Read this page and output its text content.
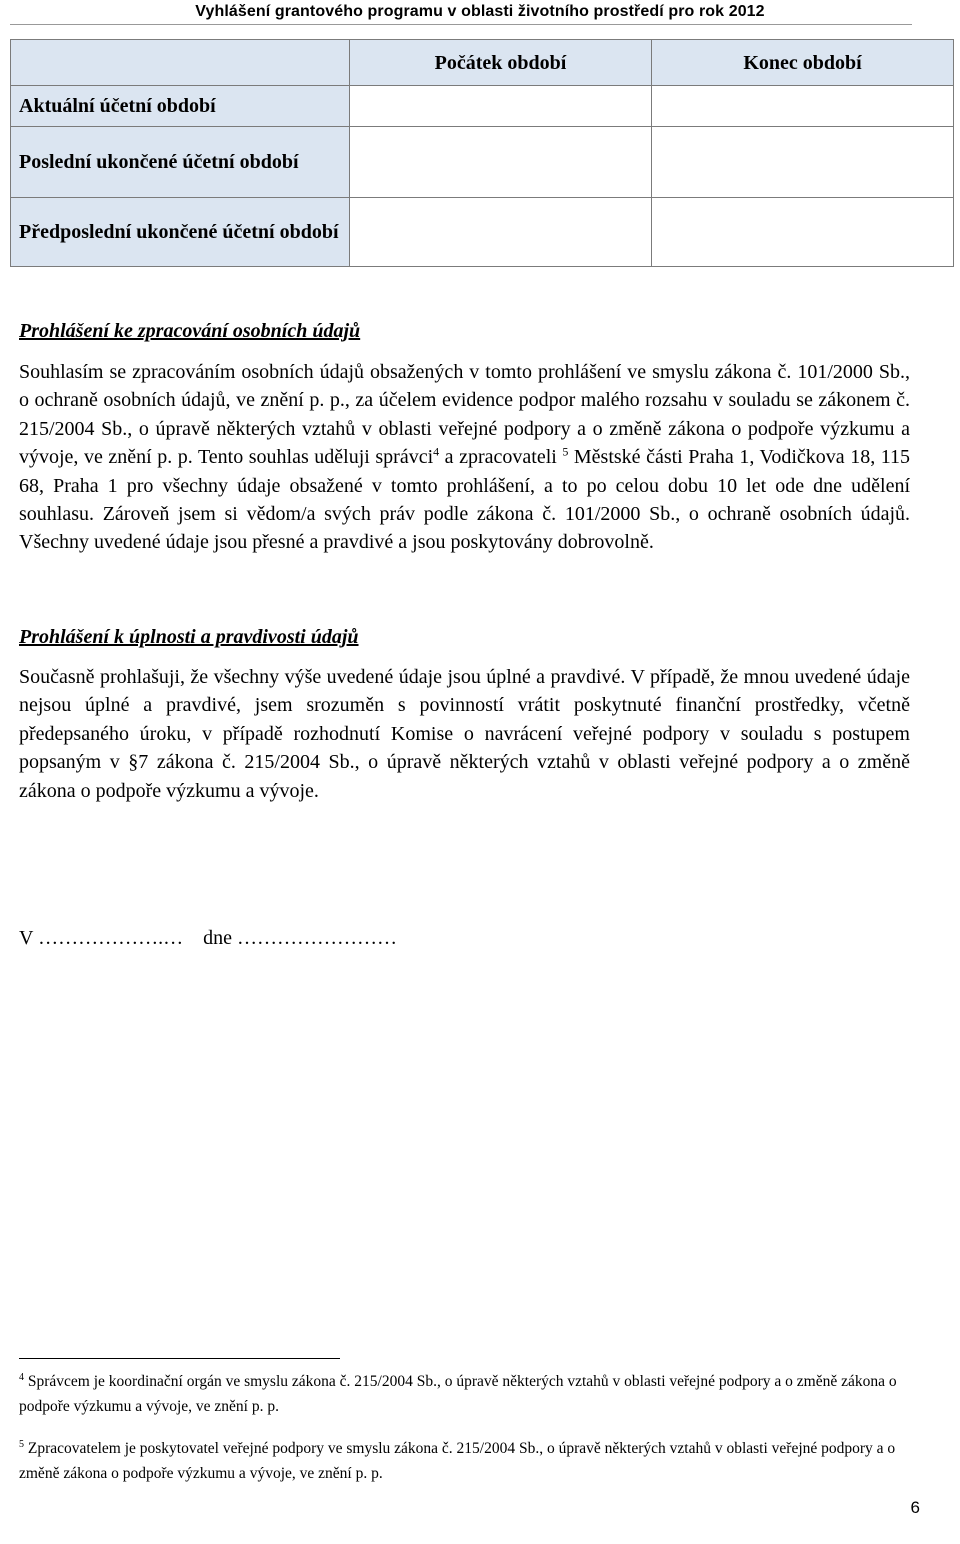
Vyhlášení grantového programu v oblasti životního prostředí pro rok 2012
	Počátek období	Konec období
Aktuální účetní období		
Poslední ukončené účetní období		
Předposlední ukončené účetní období		
Prohlášení ke zpracování osobních údajů
Souhlasím se zpracováním osobních údajů obsažených v tomto prohlášení ve smyslu zákona č. 101/2000 Sb., o ochraně osobních údajů, ve znění p. p., za účelem evidence podpor malého rozsahu v souladu se zákonem č. 215/2004 Sb., o úpravě některých vztahů v oblasti veřejné podpory a o změně zákona o podpoře výzkumu a vývoje, ve znění p. p. Tento souhlas uděluji správci$^4$ a zpracovateli $^5$ Městské části Praha 1, Vodičkova 18, 115 68, Praha 1 pro všechny údaje obsažené v tomto prohlášení, a to po celou dobu 10 let ode dne udělení souhlasu. Zároveň jsem si vědom/a svých práv podle zákona č. 101/2000 Sb., o ochraně osobních údajů. Všechny uvedené údaje jsou přesné a pravdivé a jsou poskytovány dobrovolně.
Prohlášení k úplnosti a pravdivosti údajů
Současně prohlašuji, že všechny výše uvedené údaje jsou úplné a pravdivé. V případě, že mnou uvedené údaje nejsou úplné a pravdivé, jsem srozuměn s povinností vrátit poskytnuté finanční prostředky, včetně předepsaného úroku, v případě rozhodnutí Komise o navrácení veřejné podpory v souladu s postupem popsaným v §7 zákona č. 215/2004 Sb., o úpravě některých vztahů v oblasti veřejné podpory a o změně zákona o podpoře výzkumu a vývoje.
V ……………….… dne ……………………
$^4$ Správcem je koordinační orgán ve smyslu zákona č. 215/2004 Sb., o úpravě některých vztahů v oblasti veřejné podpory a o změně zákona o podpoře výzkumu a vývoje, ve znění p. p.
$^5$ Zpracovatelem je poskytovatel veřejné podpory ve smyslu zákona č. 215/2004 Sb., o úpravě některých vztahů v oblasti veřejné podpory a o změně zákona o podpoře výzkumu a vývoje, ve znění p. p.
6
